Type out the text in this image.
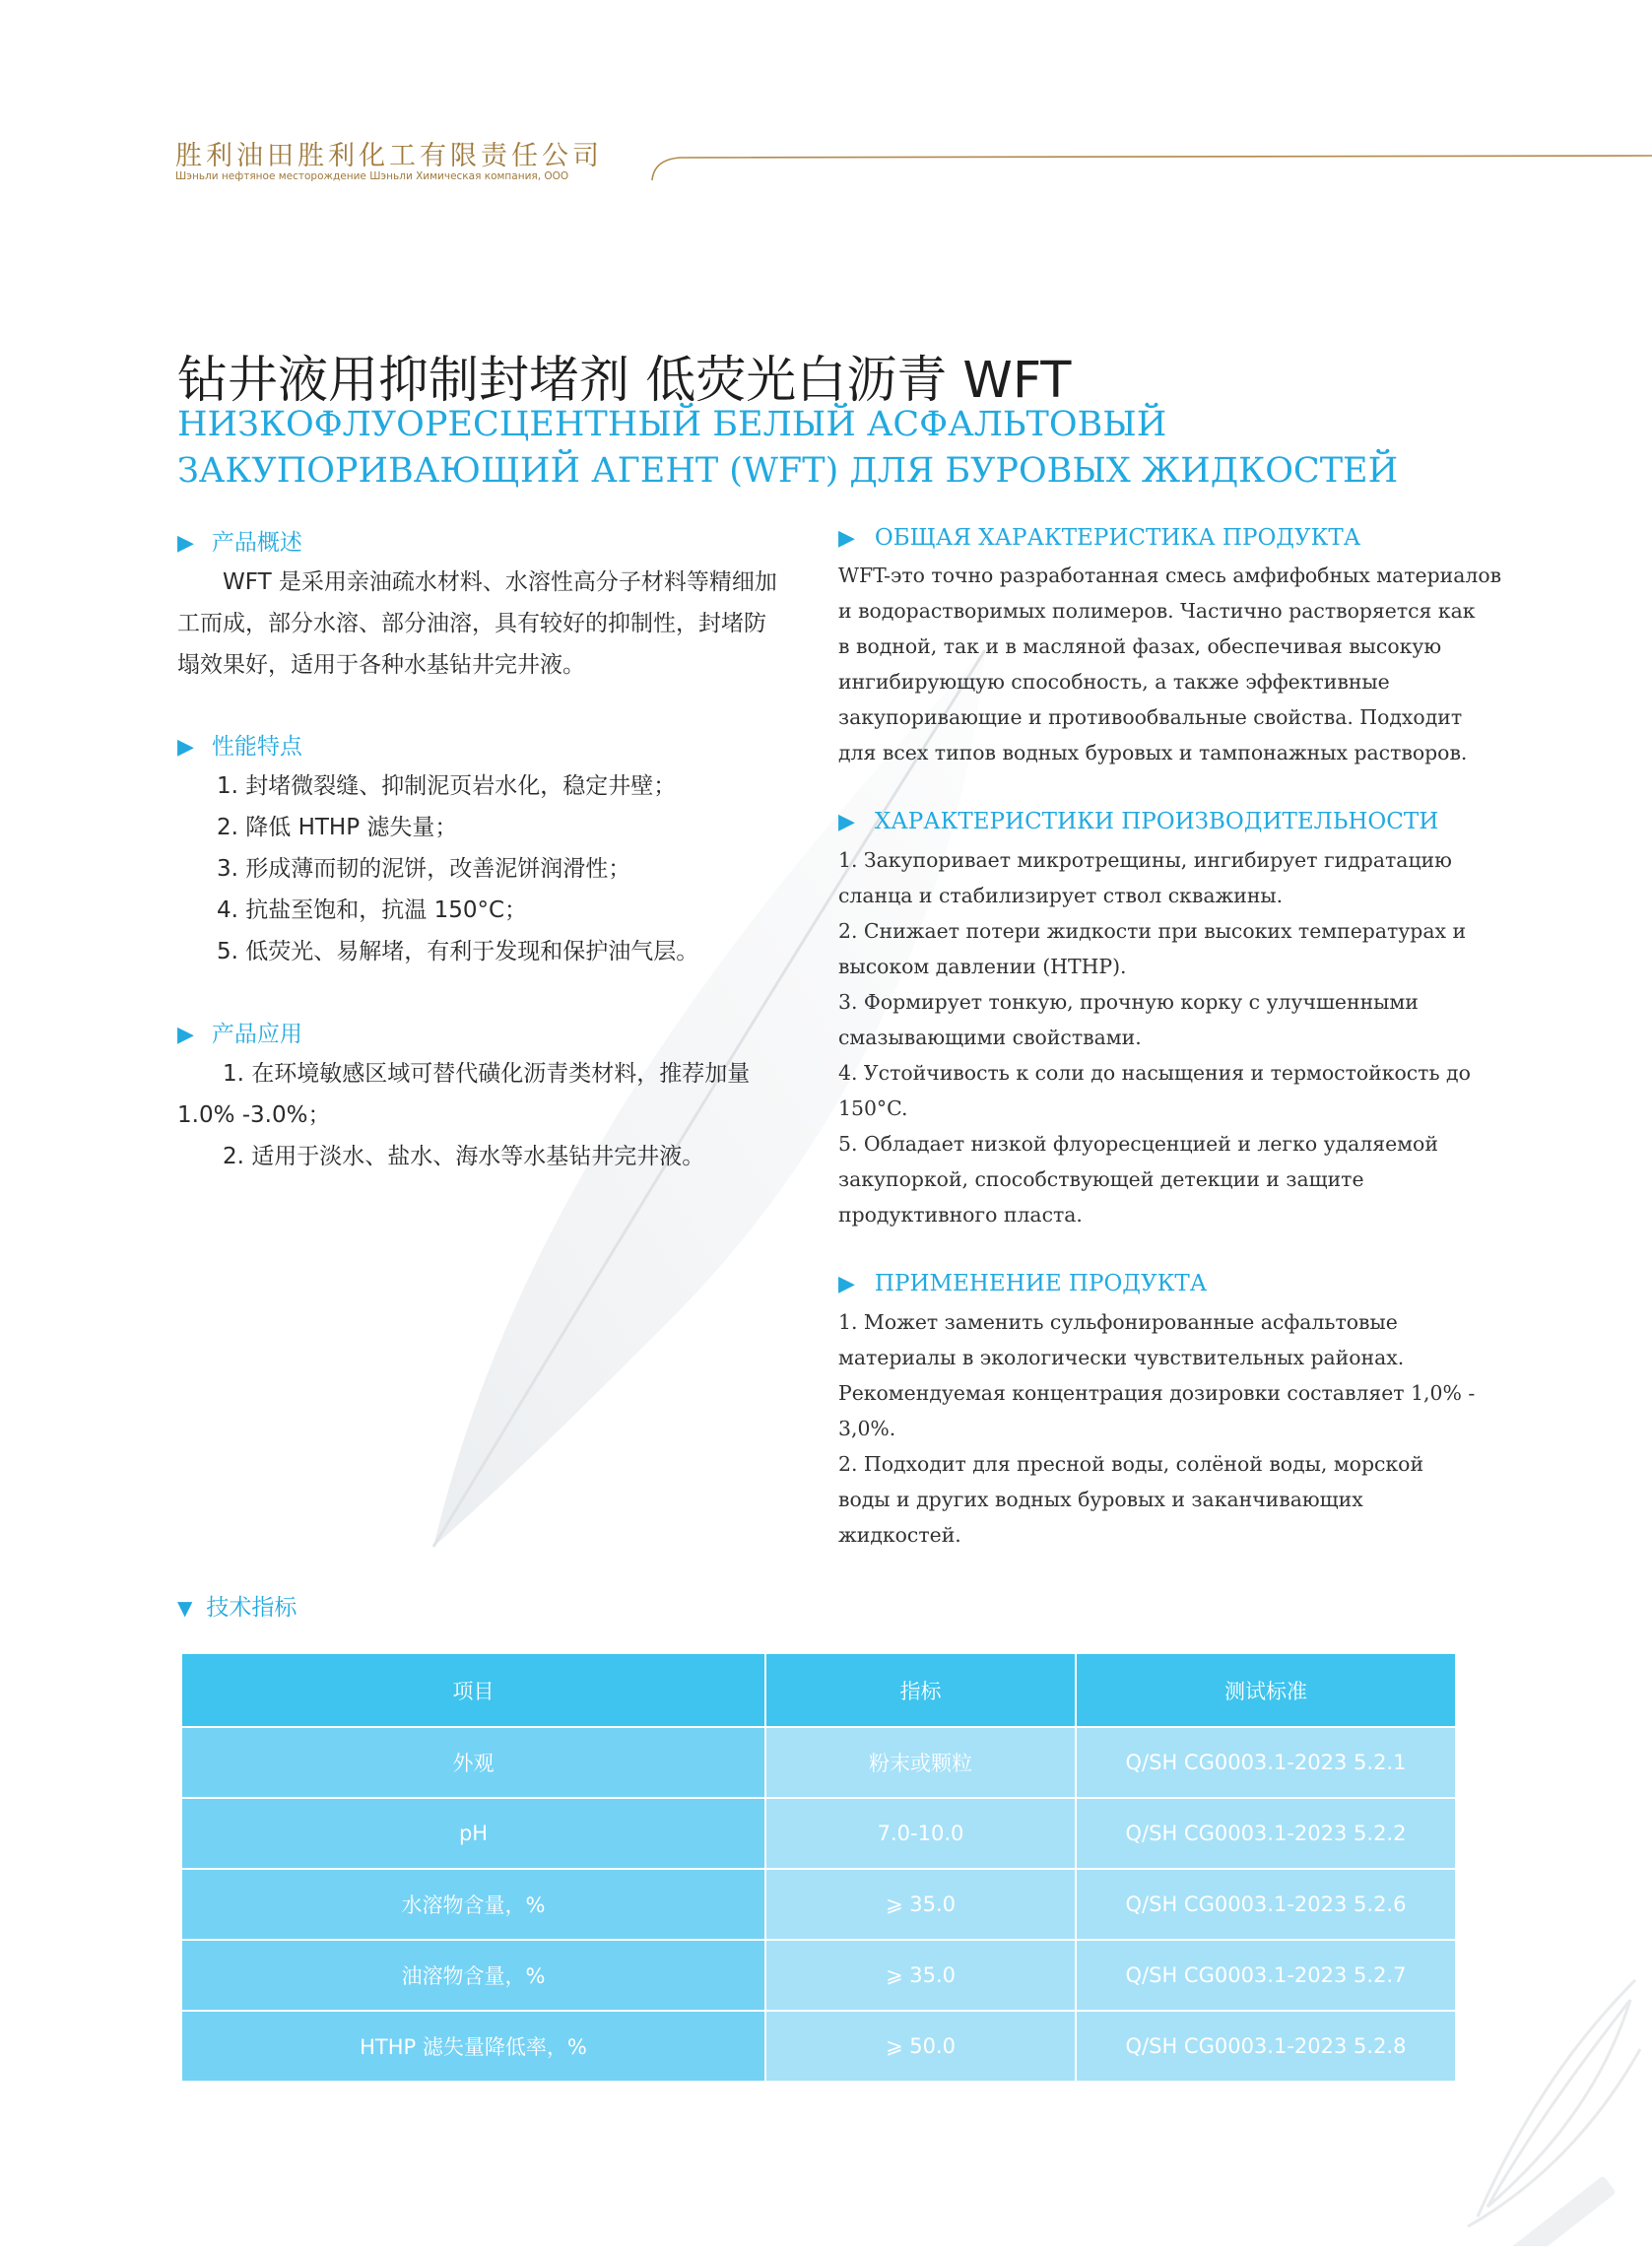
胜利油田胜利化工有限责任公司
Шэньли нефтяное месторождение Шэньли Химическая компания, ООО
钻井液用抑制封堵剂 低荧光白沥青 WFT
НИЗКОФЛУОРЕСЦЕНТНЫЙ БЕЛЫЙ АСФАЛЬТОВЫЙ
ЗАКУПОРИВАЮЩИЙ АГЕНТ (WFT) ДЛЯ БУРОВЫХ ЖИДКОСТЕЙ
▶ 产品概述
　　WFT 是采用亲油疏水材料、水溶性高分子材料等精细加
工而成，部分水溶、部分油溶，具有较好的抑制性，封堵防
塌效果好，适用于各种水基钻井完井液。
▶ 性能特点
1. 封堵微裂缝、抑制泥页岩水化，稳定井壁；
2. 降低 HTHP 滤失量；
3. 形成薄而韧的泥饼，改善泥饼润滑性；
4. 抗盐至饱和，抗温 150°C；
5. 低荧光、易解堵，有利于发现和保护油气层。
▶ 产品应用
　　1. 在环境敏感区域可替代磺化沥青类材料，推荐加量
1.0% -3.0%；
　　2. 适用于淡水、盐水、海水等水基钻井完井液。
▶ ОБЩАЯ ХАРАКТЕРИСТИКА ПРОДУКТА
WFT-это точно разработанная смесь амфифобных материалов
и водорастворимых полимеров. Частично растворяется как
в водной, так и в масляной фазах, обеспечивая высокую
ингибирующую способность, а также эффективные
закупоривающие и противообвальные свойства. Подходит
для всех типов водных буровых и тампонажных растворов.
▶ ХАРАКТЕРИСТИКИ ПРОИЗВОДИТЕЛЬНОСТИ
1. Закупоривает микротрещины, ингибирует гидратацию
сланца и стабилизирует ствол скважины.
2. Снижает потери жидкости при высоких температурах и
высоком давлении (HTHP).
3. Формирует тонкую, прочную корку с улучшенными
смазывающими свойствами.
4. Устойчивость к соли до насыщения и термостойкость до
150°C.
5. Обладает низкой флуоресценцией и легко удаляемой
закупоркой, способствующей детекции и защите
продуктивного пласта.
▶ ПРИМЕНЕНИЕ ПРОДУКТА
1. Может заменить сульфонированные асфальтовые
материалы в экологически чувствительных районах.
Рекомендуемая концентрация дозировки составляет 1,0% -
3,0%.
2. Подходит для пресной воды, солёной воды, морской
воды и других водных буровых и заканчивающих
жидкостей.
▼ 技术指标
项目	指标	测试标准
外观	粉末或颗粒	Q/SH CG0003.1-2023 5.2.1
pH	7.0-10.0	Q/SH CG0003.1-2023 5.2.2
水溶物含量，%	⩾ 35.0	Q/SH CG0003.1-2023 5.2.6
油溶物含量，%	⩾ 35.0	Q/SH CG0003.1-2023 5.2.7
HTHP 滤失量降低率，%	⩾ 50.0	Q/SH CG0003.1-2023 5.2.8
